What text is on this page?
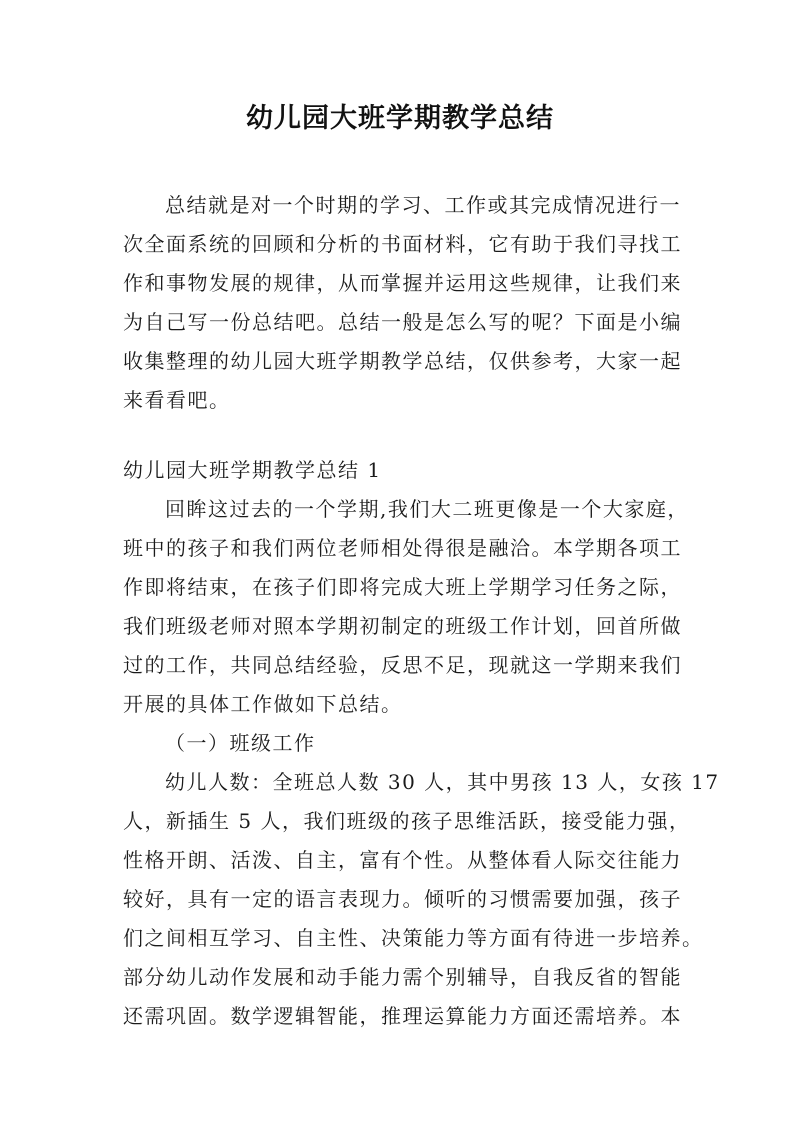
幼儿园大班学期教学总结
总结就是对一个时期的学习、工作或其完成情况进行一
次全面系统的回顾和分析的书面材料，它有助于我们寻找工
作和事物发展的规律，从而掌握并运用这些规律，让我们来
为自己写一份总结吧。总结一般是怎么写的呢？下面是小编
收集整理的幼儿园大班学期教学总结，仅供参考，大家一起
来看看吧。
幼儿园大班学期教学总结 1
回眸这过去的一个学期,我们大二班更像是一个大家庭，
班中的孩子和我们两位老师相处得很是融洽。本学期各项工
作即将结束，在孩子们即将完成大班上学期学习任务之际，
我们班级老师对照本学期初制定的班级工作计划，回首所做
过的工作，共同总结经验，反思不足，现就这一学期来我们
开展的具体工作做如下总结。
（一）班级工作
幼儿人数：全班总人数 30 人，其中男孩 13 人，女孩 17
人，新插生 5 人，我们班级的孩子思维活跃，接受能力强，
性格开朗、活泼、自主，富有个性。从整体看人际交往能力
较好，具有一定的语言表现力。倾听的习惯需要加强，孩子
们之间相互学习、自主性、决策能力等方面有待进一步培养。
部分幼儿动作发展和动手能力需个别辅导，自我反省的智能
还需巩固。数学逻辑智能，推理运算能力方面还需培养。本
